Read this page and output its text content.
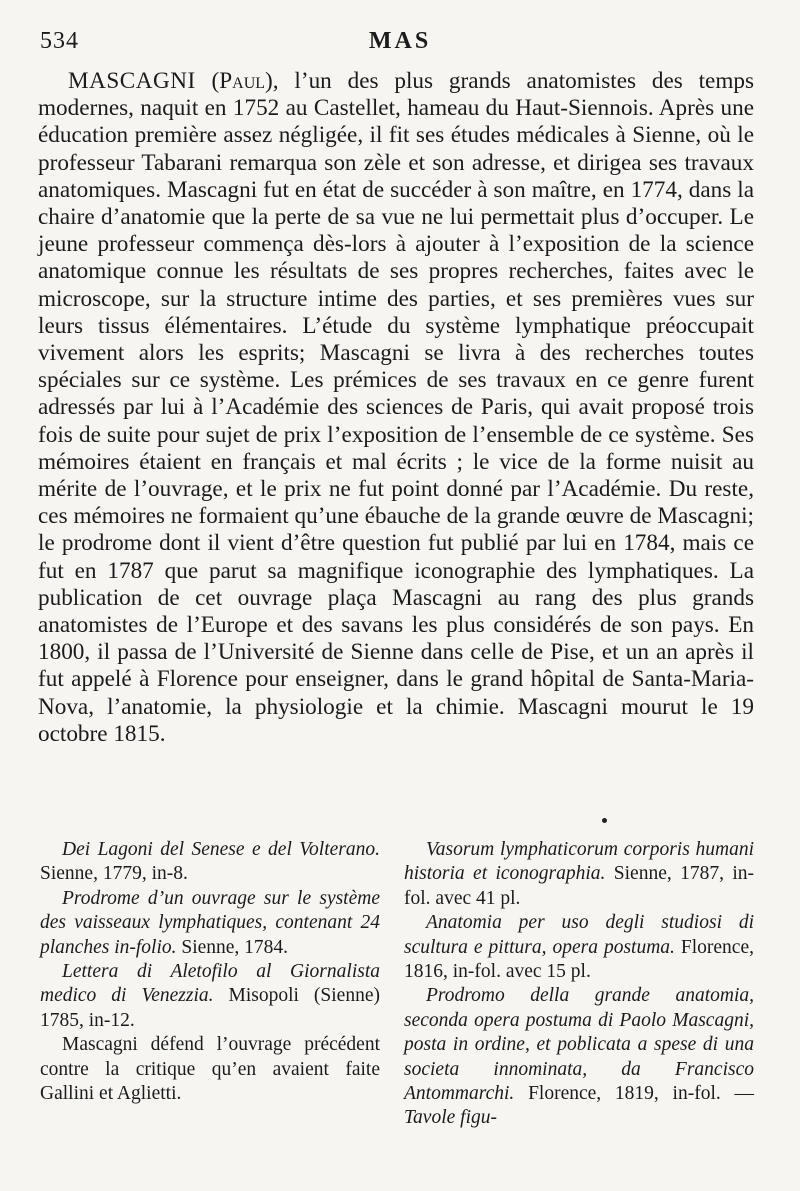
534	MAS

MASCAGNI (Paul), l’un des plus grands anatomistes des temps modernes, naquit en 1752 au Castellet, hameau du Haut-Siennois. Après une éducation première assez négligée, il fit ses études médicales à Sienne, où le professeur Tabarani remarqua son zèle et son adresse, et dirigea ses travaux anatomiques. Mascagni fut en état de succéder à son maître, en 1774, dans la chaire d’anatomie que la perte de sa vue ne lui permettait plus d’occuper. Le jeune professeur commença dès-lors à ajouter à l’exposition de la science anatomique connue les résultats de ses propres recherches, faites avec le microscope, sur la structure intime des parties, et ses premières vues sur leurs tissus élémentaires. L’étude du système lymphatique préoccupait vivement alors les esprits; Mascagni se livra à des recherches toutes spéciales sur ce système. Les prémices de ses travaux en ce genre furent adressés par lui à l’Académie des sciences de Paris, qui avait proposé trois fois de suite pour sujet de prix l’exposition de l’ensemble de ce système. Ses mémoires étaient en français et mal écrits ; le vice de la forme nuisit au mérite de l’ouvrage, et le prix ne fut point donné par l’Académie. Du reste, ces mémoires ne formaient qu’une ébauche de la grande œuvre de Mascagni; le prodrome dont il vient d’être question fut publié par lui en 1784, mais ce fut en 1787 que parut sa magnifique iconographie des lymphatiques. La publication de cet ouvrage plaça Mascagni au rang des plus grands anatomistes de l’Europe et des savans les plus considérés de son pays. En 1800, il passa de l’Université de Sienne dans celle de Pise, et un an après il fut appelé à Florence pour enseigner, dans le grand hôpital de Santa-Maria-Nova, l’anatomie, la physiologie et la chimie. Mascagni mourut le 19 octobre 1815.

Dei Lagoni del Senese e del Volterano. Sienne, 1779, in-8.

Prodrome d’un ouvrage sur le système des vaisseaux lymphatiques, contenant 24 planches in-folio. Sienne, 1784.

Lettera di Aletofilo al Giornalista medico di Venezzia. Misopoli (Sienne) 1785, in-12.

Mascagni défend l’ouvrage précédent contre la critique qu’en avaient faite Gallini et Aglietti.

Vasorum lymphaticorum corporis humani historia et iconographia. Sienne, 1787, in-fol. avec 41 pl.

Anatomia per uso degli studiosi di scultura e pittura, opera postuma. Florence, 1816, in-fol. avec 15 pl.

Prodromo della grande anatomia, seconda opera postuma di Paolo Mascagni, posta in ordine, et poblicata a spese di una societa innominata, da Francisco Antommarchi. Florence, 1819, in-fol. — Tavole figu-
